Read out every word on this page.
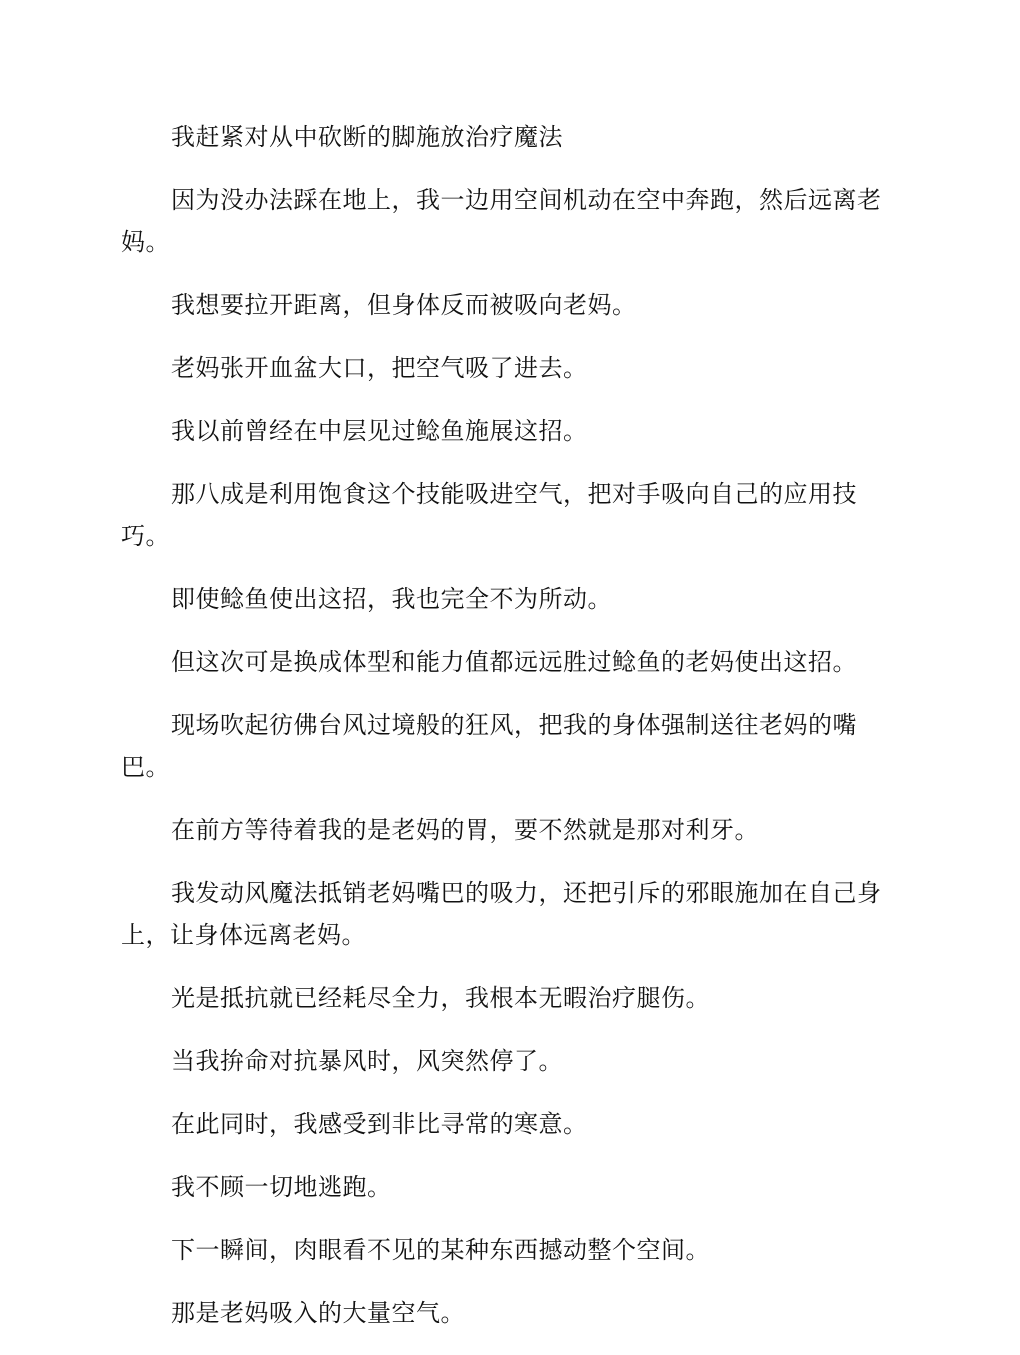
我赶紧对从中砍断的脚施放治疗魔法

因为没办法踩在地上，我一边用空间机动在空中奔跑，然后远离老妈。

我想要拉开距离，但身体反而被吸向老妈。

老妈张开血盆大口，把空气吸了进去。

我以前曾经在中层见过鲶鱼施展这招。

那八成是利用饱食这个技能吸进空气，把对手吸向自己的应用技巧。

即使鲶鱼使出这招，我也完全不为所动。

但这次可是换成体型和能力值都远远胜过鲶鱼的老妈使出这招。

现场吹起彷佛台风过境般的狂风，把我的身体强制送往老妈的嘴巴。

在前方等待着我的是老妈的胃，要不然就是那对利牙。

我发动风魔法抵销老妈嘴巴的吸力，还把引斥的邪眼施加在自己身上，让身体远离老妈。

光是抵抗就已经耗尽全力，我根本无暇治疗腿伤。

当我拚命对抗暴风时，风突然停了。

在此同时，我感受到非比寻常的寒意。

我不顾一切地逃跑。

下一瞬间，肉眼看不见的某种东西撼动整个空间。

那是老妈吸入的大量空气。
